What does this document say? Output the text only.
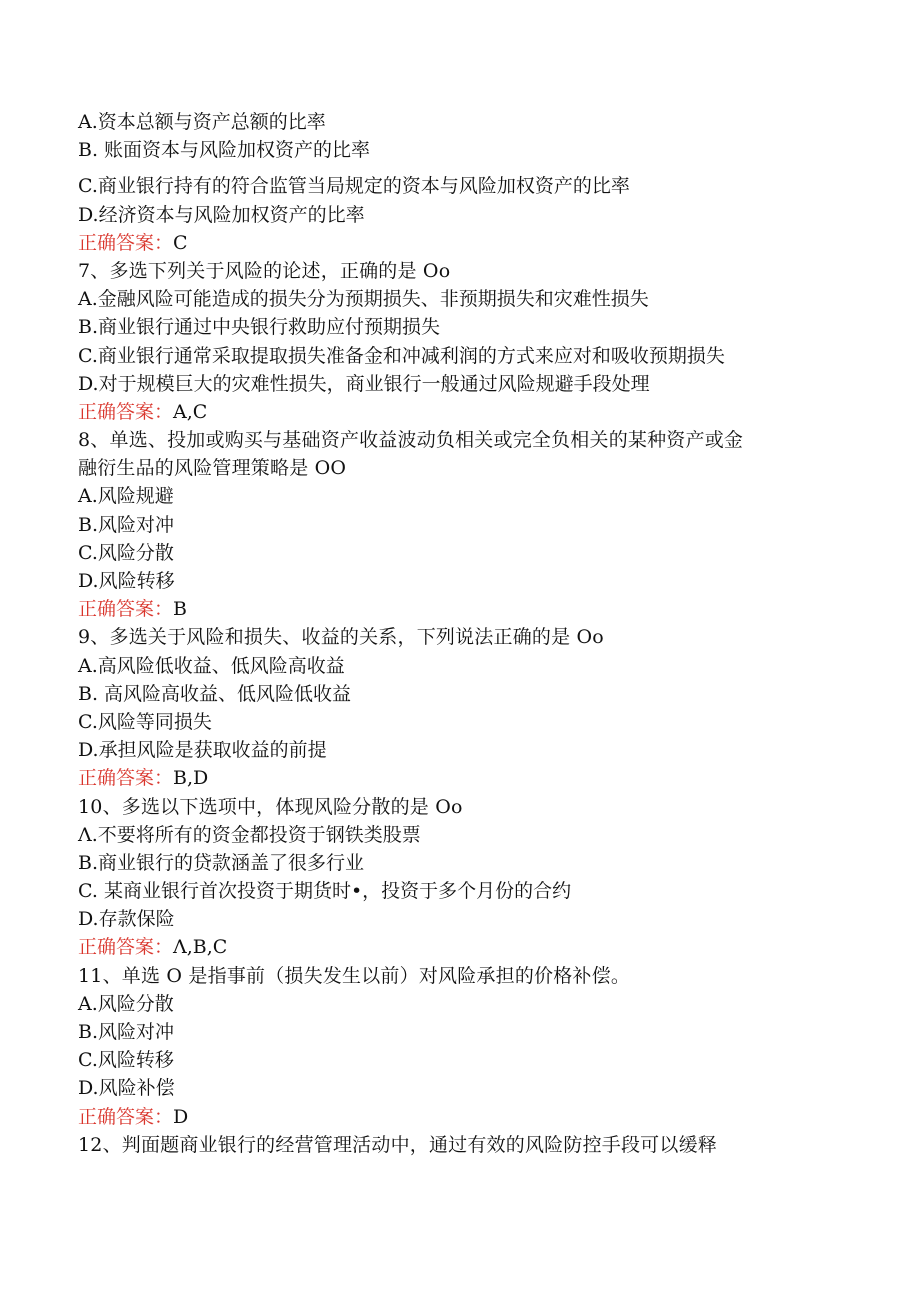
A.资本总额与资产总额的比率
B. 账面资本与风险加权资产的比率
C.商业银行持有的符合监管当局规定的资本与风险加权资产的比率
D.经济资本与风险加权资产的比率
正确答案：C
7、多选下列关于风险的论述，正确的是 Oo
A.金融风险可能造成的损失分为预期损失、非预期损失和灾难性损失
B.商业银行通过中央银行救助应付预期损失
C.商业银行通常采取提取损失准备金和冲减利润的方式来应对和吸收预期损失
D.对于规模巨大的灾难性损失，商业银行一般通过风险规避手段处理
正确答案：A,C
8、单选、投加或购买与基础资产收益波动负相关或完全负相关的某种资产或金
融衍生品的风险管理策略是 OO
A.风险规避
B.风险对冲
C.风险分散
D.风险转移
正确答案：B
9、多选关于风险和损失、收益的关系，下列说法正确的是 Oo
A.高风险低收益、低风险高收益
B. 高风险高收益、低风险低收益
C.风险等同损失
D.承担风险是获取收益的前提
正确答案：B,D
10、多选以下选项中，体现风险分散的是 Oo
Λ.不要将所有的资金都投资于钢铁类股票
B.商业银行的贷款涵盖了很多行业
C. 某商业银行首次投资于期货时•，投资于多个月份的合约
D.存款保险
正确答案：Λ,B,C
11、单选 O 是指事前（损失发生以前）对风险承担的价格补偿。
A.风险分散
B.风险对冲
C.风险转移
D.风险补偿
正确答案：D
12、判面题商业银行的经营管理活动中，通过有效的风险防控手段可以缓释
